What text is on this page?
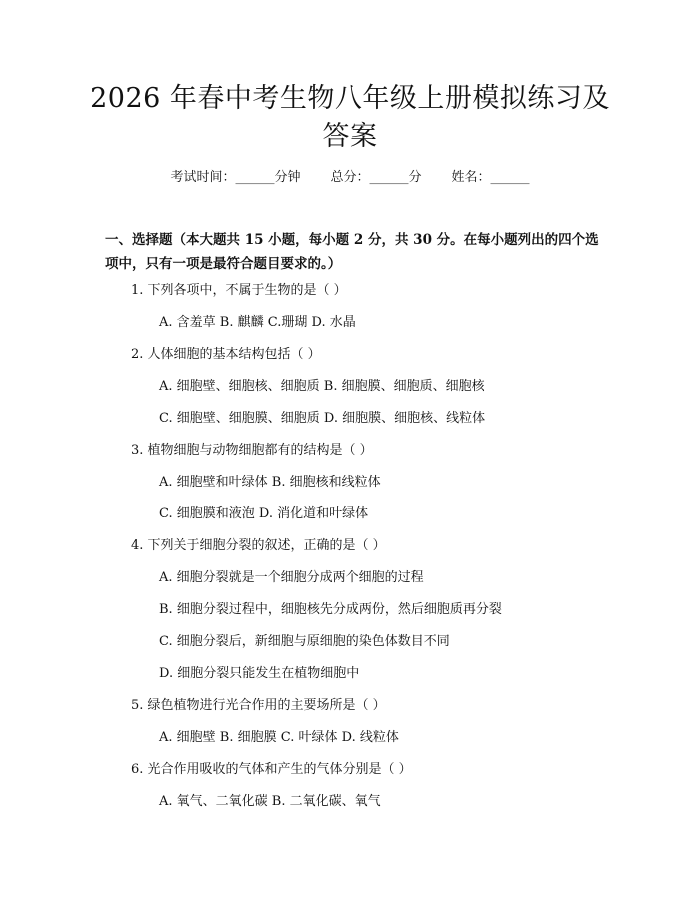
2026 年春中考生物八年级上册模拟练习及答案
考试时间：______分钟 总分：______分 姓名：______
一、选择题（本大题共 15 小题，每小题 2 分，共 30 分。在每小题列出的四个选项中，只有一项是最符合题目要求的。）
1. 下列各项中，不属于生物的是（ ）
A. 含羞草 B. 麒麟 C.珊瑚 D. 水晶
2. 人体细胞的基本结构包括（ ）
A. 细胞壁、细胞核、细胞质 B. 细胞膜、细胞质、细胞核
C. 细胞壁、细胞膜、细胞质 D. 细胞膜、细胞核、线粒体
3. 植物细胞与动物细胞都有的结构是（ ）
A. 细胞壁和叶绿体 B. 细胞核和线粒体
C. 细胞膜和液泡 D. 消化道和叶绿体
4. 下列关于细胞分裂的叙述，正确的是（ ）
A. 细胞分裂就是一个细胞分成两个细胞的过程
B. 细胞分裂过程中，细胞核先分成两份，然后细胞质再分裂
C. 细胞分裂后，新细胞与原细胞的染色体数目不同
D. 细胞分裂只能发生在植物细胞中
5. 绿色植物进行光合作用的主要场所是（ ）
A. 细胞壁 B. 细胞膜 C. 叶绿体 D. 线粒体
6. 光合作用吸收的气体和产生的气体分别是（ ）
A. 氧气、二氧化碳 B. 二氧化碳、氧气
